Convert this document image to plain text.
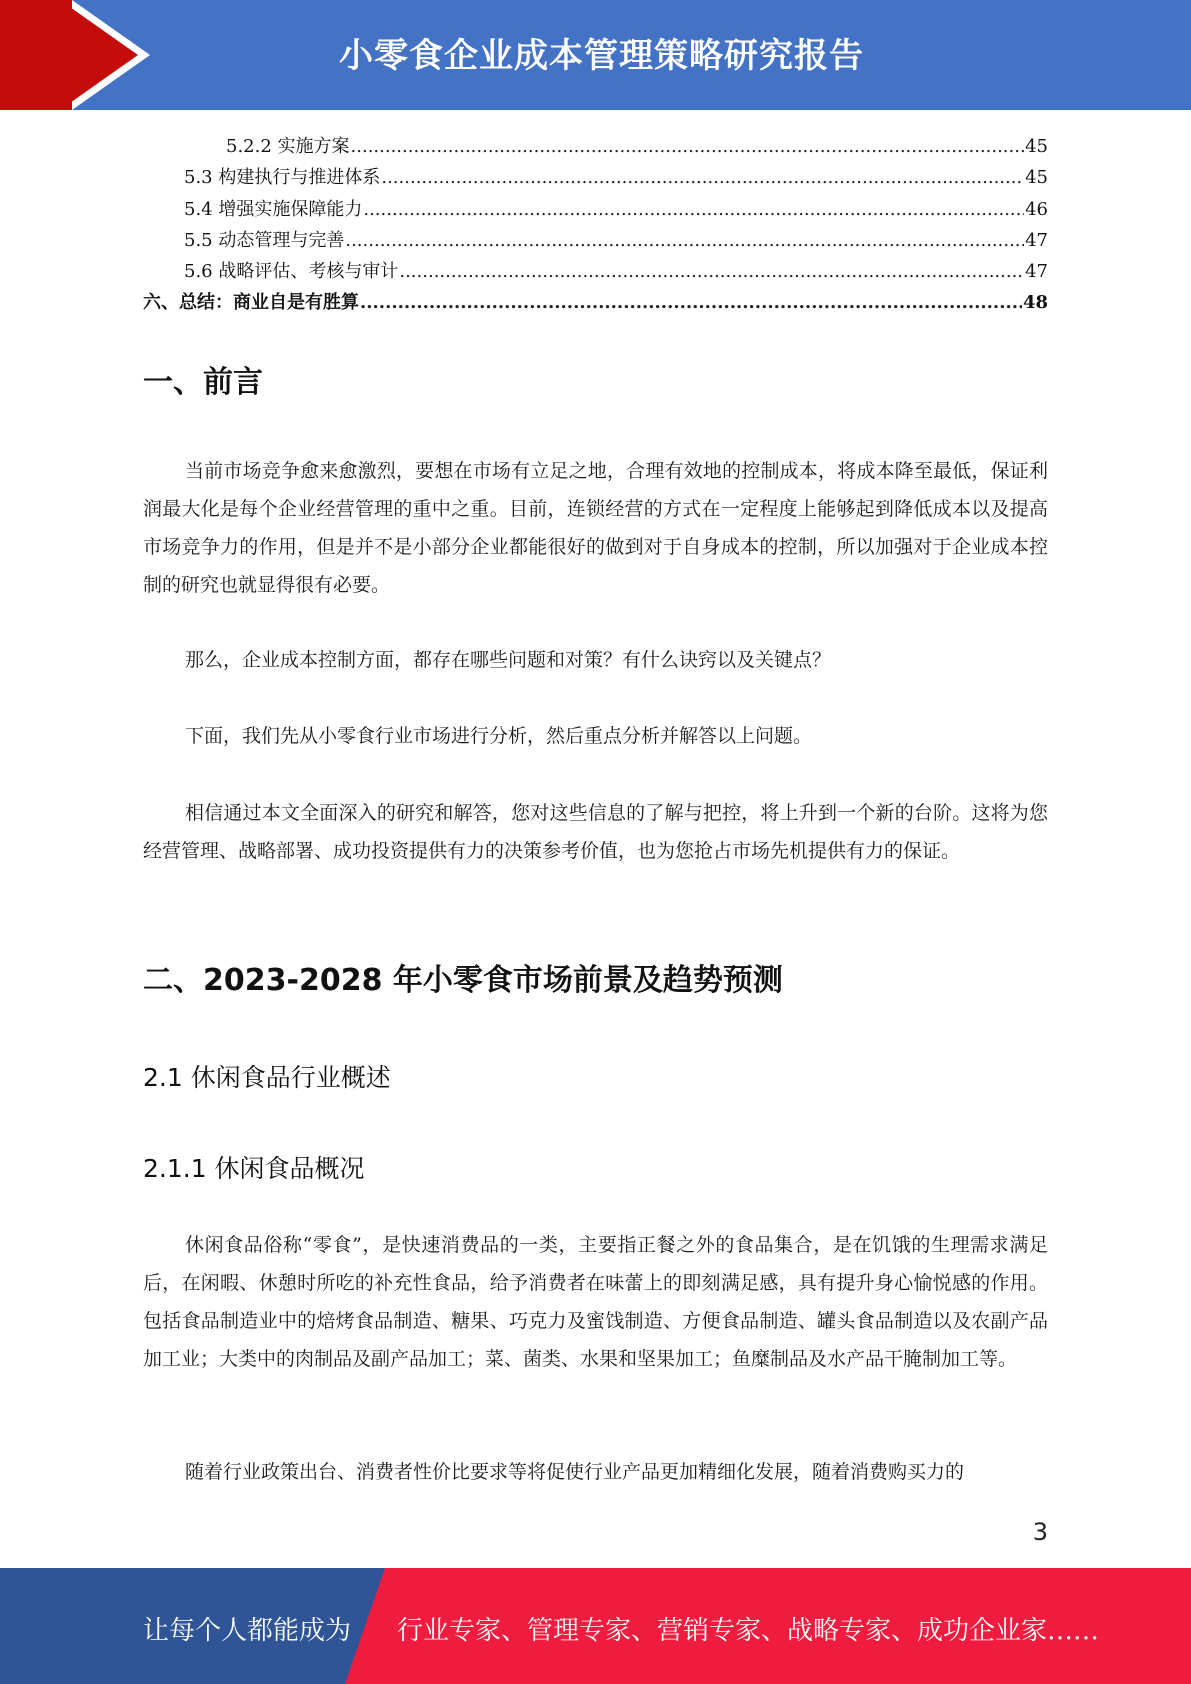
小零食企业成本管理策略研究报告
5.2.2 实施方案 .....	45
5.3 构建执行与推进体系 .....	45
5.4 增强实施保障能力 .....	46
5.5 动态管理与完善 .....	47
5.6 战略评估、考核与审计 .....	47
六、总结：商业自是有胜算 .....	48
一、前言

当前市场竞争愈来愈激烈，要想在市场有立足之地，合理有效地的控制成本，将成本降至最低，保证利润最大化是每个企业经营管理的重中之重。目前，连锁经营的方式在一定程度上能够起到降低成本以及提高市场竞争力的作用，但是并不是小部分企业都能很好的做到对于自身成本的控制，所以加强对于企业成本控制的研究也就显得很有必要。

那么，企业成本控制方面，都存在哪些问题和对策？有什么诀窍以及关键点？

下面，我们先从小零食行业市场进行分析，然后重点分析并解答以上问题。

相信通过本文全面深入的研究和解答，您对这些信息的了解与把控，将上升到一个新的台阶。这将为您经营管理、战略部署、成功投资提供有力的决策参考价值，也为您抢占市场先机提供有力的保证。

二、2023-2028 年小零食市场前景及趋势预测
2.1 休闲食品行业概述
2.1.1 休闲食品概况

休闲食品俗称“零食”，是快速消费品的一类，主要指正餐之外的食品集合，是在饥饿的生理需求满足后，在闲暇、休憩时所吃的补充性食品，给予消费者在味蕾上的即刻满足感，具有提升身心愉悦感的作用。包括食品制造业中的焙烤食品制造、糖果、巧克力及蜜饯制造、方便食品制造、罐头食品制造以及农副产品加工业；大类中的肉制品及副产品加工；菜、菌类、水果和坚果加工；鱼糜制品及水产品干腌制加工等。

随着行业政策出台、消费者性价比要求等将促使行业产品更加精细化发展，随着消费购买力的

3
让每个人都能成为 行业专家、管理专家、营销专家、战略专家、成功企业家……
